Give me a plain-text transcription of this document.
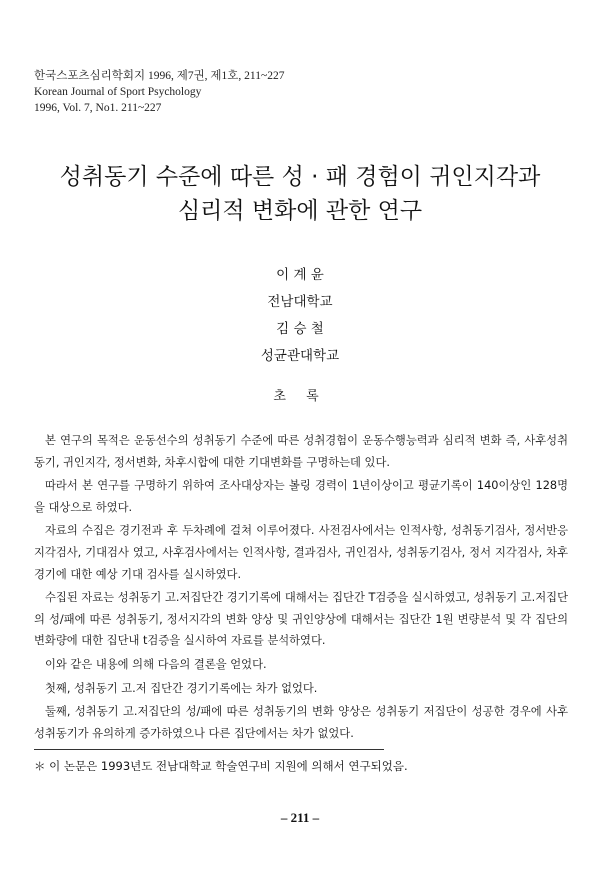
한국스포츠심리학회지 1996, 제7권, 제1호, 211~227
Korean Journal of Sport Psychology
1996, Vol. 7, No1. 211~227
성취동기 수준에 따른 성 · 패 경험이 귀인지각과
심리적 변화에 관한 연구
이 계 윤
전남대학교
김 승 철
성균관대학교
초 록

본 연구의 목적은 운동선수의 성취동기 수준에 따른 성취경험이 운동수행능력과 심리적 변화 즉, 사후성취동기, 귀인지각, 정서변화, 차후시합에 대한 기대변화를 구명하는데 있다.

따라서 본 연구를 구명하기 위하여 조사대상자는 볼링 경력이 1년이상이고 평균기록이 140이상인 128명을 대상으로 하였다.

자료의 수집은 경기전과 후 두차례에 걸쳐 이루어졌다. 사전검사에서는 인적사항, 성취동기검사, 정서반응 지각검사, 기대검사 였고, 사후검사에서는 인적사항, 결과검사, 귀인검사, 성취동기검사, 정서 지각검사, 차후 경기에 대한 예상 기대 검사를 실시하였다.

수집된 자료는 성취동기 고.저집단간 경기기록에 대해서는 집단간 T검증을 실시하였고, 성취동기 고.저집단의 성/패에 따른 성취동기, 정서지각의 변화 양상 및 귀인양상에 대해서는 집단간 1원 변량분석 및 각 집단의 변화량에 대한 집단내 t검증을 실시하여 자료를 분석하였다.

이와 같은 내용에 의해 다음의 결론을 얻었다.

첫째, 성취동기 고.저 집단간 경기기록에는 차가 없었다.

둘째, 성취동기 고.저집단의 성/패에 따른 성취동기의 변화 양상은 성취동기 저집단이 성공한 경우에 사후 성취동기가 유의하게 증가하였으나 다른 집단에서는 차가 없었다.

＊ 이 논문은 1993년도 전남대학교 학술연구비 지원에 의해서 연구되었음.
– 211 –
